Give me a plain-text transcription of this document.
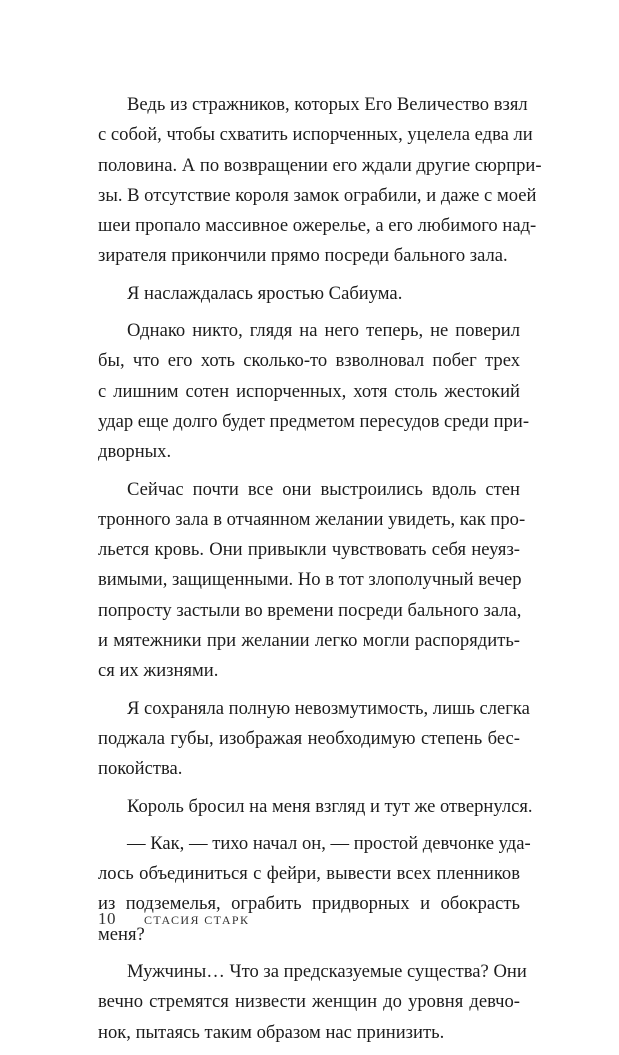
Ведь из стражников, которых Его Величество взял
с собой, чтобы схватить испорченных, уцелела едва ли
половина. А по возвращении его ждали другие сюрпри-
зы. В отсутствие короля замок ограбили, и даже с моей
шеи пропало массивное ожерелье, а его любимого над-
зирателя прикончили прямо посреди бального зала.
Я наслаждалась яростью Сабиума.
Однако никто, глядя на него теперь, не поверил
бы, что его хоть сколько-то взволновал побег трех
с лишним сотен испорченных, хотя столь жестокий
удар еще долго будет предметом пересудов среди при-
дворных.
Сейчас почти все они выстроились вдоль стен
тронного зала в отчаянном желании увидеть, как про-
льется кровь. Они привыкли чувствовать себя неуяз-
вимыми, защищенными. Но в тот злополучный вечер
попросту застыли во времени посреди бального зала,
и мятежники при желании легко могли распорядить-
ся их жизнями.
Я сохраняла полную невозмутимость, лишь слегка
поджала губы, изображая необходимую степень бес-
покойства.
Король бросил на меня взгляд и тут же отвернулся.
— Как, — тихо начал он, — простой девчонке уда-
лось объединиться с фейри, вывести всех пленников
из подземелья, ограбить придворных и обокрасть
меня?
Мужчины… Что за предсказуемые существа? Они
вечно стремятся низвести женщин до уровня девчо-
нок, пытаясь таким образом нас принизить.
10 СТАСИЯ СТАРК
